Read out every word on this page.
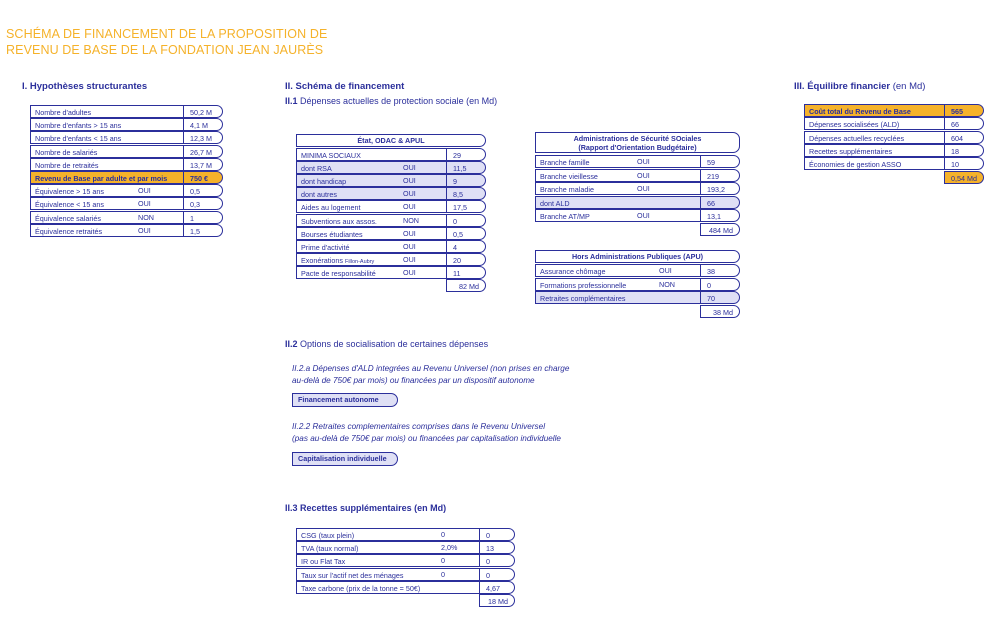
SCHÉMA DE FINANCEMENT DE LA PROPOSITION DE
REVENU DE BASE DE LA FONDATION JEAN JAURÈS
I. Hypothèses structurantes
Nombre d'adultes	50,2 M
Nombre d'enfants > 15 ans	4,1 M
Nombre d'enfants < 15 ans	12,3 M
Nombre de salariés	26,7 M
Nombre de retraités	13,7 M
Revenu de Base par adulte et par mois	750 €
Équivalence > 15 ans	OUI	0,5
Équivalence < 15 ans	OUI	0,3
Équivalence salariés	NON	1
Équivalence retraités	OUI	1,5
II. Schéma de financement
II.1 Dépenses actuelles de protection sociale (en Md)
État, ODAC & APUL
MINIMA SOCIAUX	29
dont RSA	OUI	11,5
dont handicap	OUI	9
dont autres	OUI	8,5
Aides au logement	OUI	17,5
Subventions aux assos.	NON	0
Bourses étudiantes	OUI	0,5
Prime d'activité	OUI	4
Exonérations Fillon-Aubry	OUI	20
Pacte de responsabilité	OUI	11
82 Md
Administrations de Sécurité SOciales
(Rapport d'Orientation Budgétaire)
Branche famille	OUI	59
Branche vieillesse	OUI	219
Branche maladie	OUI	193,2
dont ALD	66
Branche AT/MP	OUI	13,1
484 Md
Hors Administrations Publiques (APU)
Assurance chômage	OUI	38
Formations professionnelle	NON	0
Retraites complémentaires	70
38 Md
II.2 Options de socialisation de certaines dépenses
II.2.a Dépenses d'ALD integrées au Revenu Universel (non prises en charge
au-delà de 750€ par mois) ou financées par un dispositif autonome
Financement autonome
II.2.2 Retraites complementaires comprises dans le Revenu Universel
(pas au-delà de 750€ par mois) ou financées par capitalisation individuelle
Capitalisation individuelle
II.3 Recettes supplémentaires (en Md)
CSG (taux plein)	0	0
TVA (taux normal)	2,0%	13
IR ou Flat Tax	0	0
Taux sur l'actif net des ménages	0	0
Taxe carbone (prix de la tonne = 50€)	4,67
18 Md
III. Équilibre financier (en Md)
Coût total du Revenu de Base	565
Dépenses socialisées (ALD)	66
Dépenses actuelles recyclées	604
Recettes supplémentaires	18
Économies de gestion ASSO	10
0,54 Md
